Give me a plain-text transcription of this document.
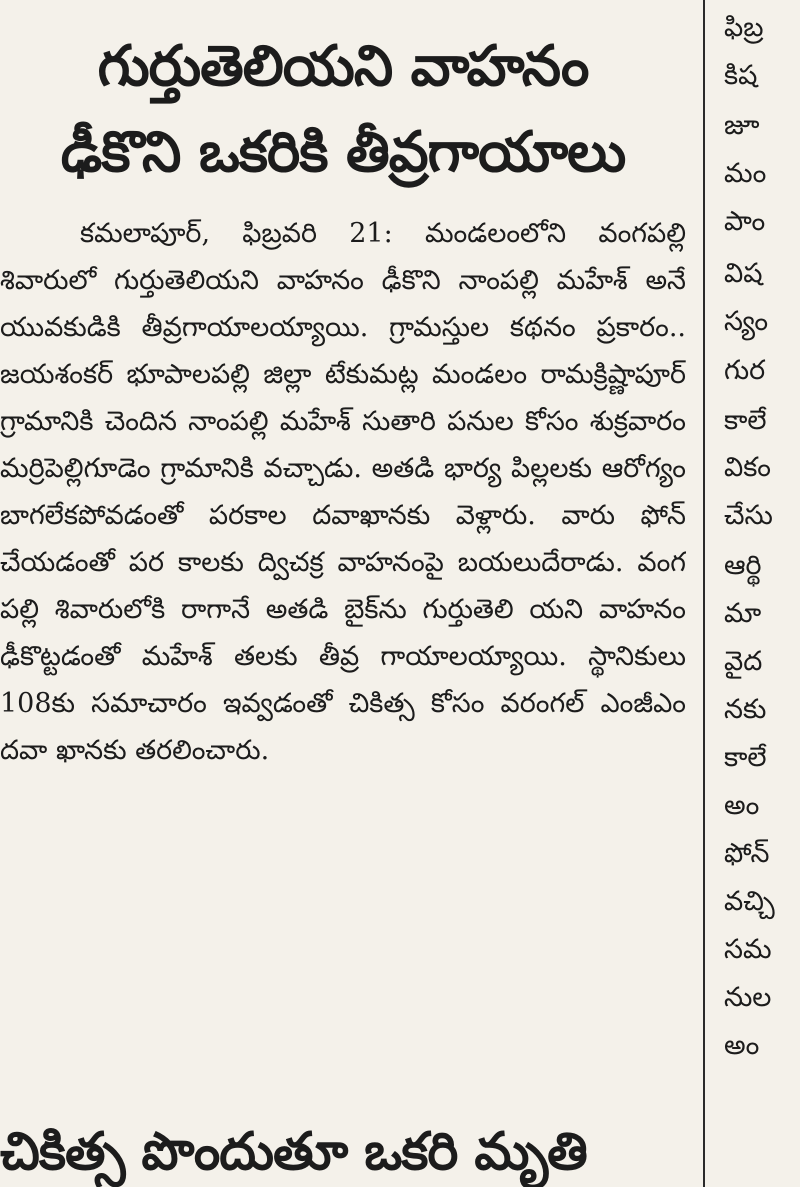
గుర్తుతెలియని వాహనం
ఢీకొని ఒకరికి తీవ్రగాయాలు

కమలాపూర్, ఫిబ్రవరి 21: మండలంలోని వంగపల్లి శివారులో గుర్తుతెలియని వాహనం ఢీకొని నాంపల్లి మహేశ్ అనే యువకుడికి తీవ్రగాయాలయ్యాయి. గ్రామస్తుల కథనం ప్రకారం.. జయశంకర్ భూపాలపల్లి జిల్లా టేకుమట్ల మండలం రామక్రిష్ణాపూర్ గ్రామానికి చెందిన నాంపల్లి మహేశ్ సుతారి పనుల కోసం శుక్రవారం మర్రిపెల్లిగూడెం గ్రామానికి వచ్చాడు. అతడి భార్య పిల్లలకు ఆరోగ్యం బాగలేకపోవడంతో పరకాల దవాఖానకు వెళ్లారు. వారు ఫోన్ చేయడంతో పర కాలకు ద్విచక్ర వాహనంపై బయలుదేరాడు. వంగ పల్లి శివారులోకి రాగానే అతడి బైక్‌ను గుర్తుతెలి యని వాహనం ఢీకొట్టడంతో మహేశ్ తలకు తీవ్ర గాయాలయ్యాయి. స్థానికులు 108కు సమాచారం ఇవ్వడంతో చికిత్స కోసం వరంగల్ ఎంజీఎం దవా ఖానకు తరలించారు.

చికిత్స పొందుతూ ఒకరి మృతి
ఫిబ్ర
కిష
జూ
మం
పాం
విష
స్యం
గుర
కాలే
వికం
చేసు
ఆర్థి
మా
వైద
నకు
కాలే
అం
ఫోన్
వచ్చి
సమ
నుల
అం
